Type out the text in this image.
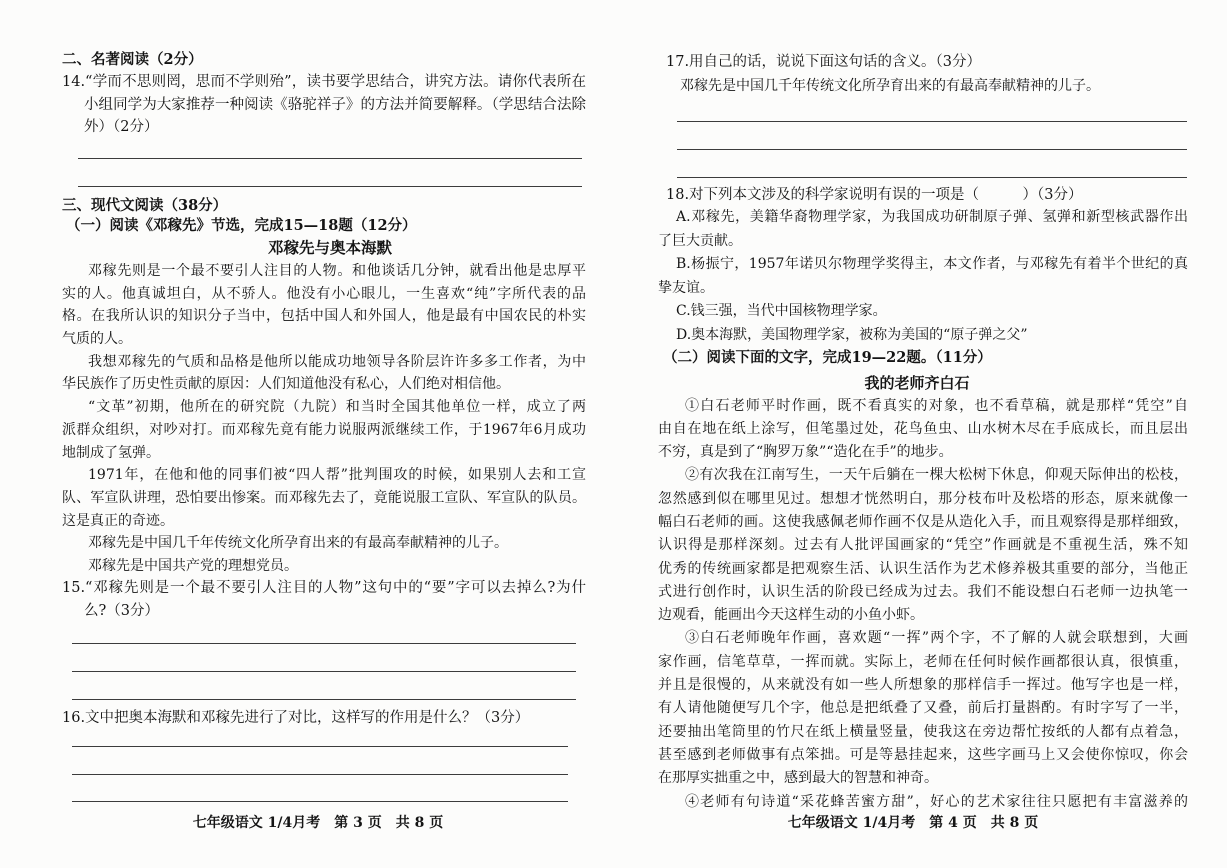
二、名著阅读（2分）
14.“学而不思则罔，思而不学则殆”，读书要学思结合，讲究方法。请你代表所在
小组同学为大家推荐一种阅读《骆驼祥子》的方法并简要解释。（学思结合法除
外）（2分）
三、现代文阅读（38分）
（一）阅读《邓稼先》节选，完成15—18题（12分）
邓稼先与奥本海默
邓稼先则是一个最不要引人注目的人物。和他谈话几分钟，就看出他是忠厚平
实的人。他真诚坦白，从不骄人。他没有小心眼儿，一生喜欢“纯”字所代表的品
格。在我所认识的知识分子当中，包括中国人和外国人，他是最有中国农民的朴实
气质的人。
我想邓稼先的气质和品格是他所以能成功地领导各阶层许许多多工作者，为中
华民族作了历史性贡献的原因：人们知道他没有私心，人们绝对相信他。
“文革”初期，他所在的研究院（九院）和当时全国其他单位一样，成立了两
派群众组织，对吵对打。而邓稼先竟有能力说服两派继续工作，于1967年6月成功
地制成了氢弹。
1971年，在他和他的同事们被“四人帮”批判围攻的时候，如果别人去和工宣
队、军宣队讲理，恐怕要出惨案。而邓稼先去了，竟能说服工宣队、军宣队的队员。
这是真正的奇迹。
邓稼先是中国几千年传统文化所孕育出来的有最高奉献精神的儿子。
邓稼先是中国共产党的理想党员。
15.“邓稼先则是一个最不要引人注目的人物”这句中的“要”字可以去掉么?为什
么?（3分）
16.文中把奥本海默和邓稼先进行了对比，这样写的作用是什么？（3分）
七年级语文 1/4月考　第 3 页　共 8 页
17.用自己的话，说说下面这句话的含义。（3分）
邓稼先是中国几千年传统文化所孕育出来的有最高奉献精神的儿子。
18.对下列本文涉及的科学家说明有误的一项是（　　　）（3分）
A.邓稼先，美籍华裔物理学家，为我国成功研制原子弹、氢弹和新型核武器作出
了巨大贡献。
B.杨振宁，1957年诺贝尔物理学奖得主，本文作者，与邓稼先有着半个世纪的真
挚友谊。
C.钱三强，当代中国核物理学家。
D.奥本海默，美国物理学家，被称为美国的“原子弹之父”
（二）阅读下面的文字，完成19—22题。（11分）
我的老师齐白石
①白石老师平时作画，既不看真实的对象，也不看草稿，就是那样“凭空”自
由自在地在纸上涂写，但笔墨过处，花鸟鱼虫、山水树木尽在手底成长，而且层出
不穷，真是到了“胸罗万象”“造化在手”的地步。
②有次我在江南写生，一天午后躺在一棵大松树下休息，仰观天际伸出的松枝，
忽然感到似在哪里见过。想想才恍然明白，那分枝布叶及松塔的形态，原来就像一
幅白石老师的画。这使我感佩老师作画不仅是从造化入手，而且观察得是那样细致，
认识得是那样深刻。过去有人批评国画家的“凭空”作画就是不重视生活，殊不知
优秀的传统画家都是把观察生活、认识生活作为艺术修养极其重要的部分，当他正
式进行创作时，认识生活的阶段已经成为过去。我们不能设想白石老师一边执笔一
边观看，能画出今天这样生动的小鱼小虾。
③白石老师晚年作画，喜欢题“一挥”两个字，不了解的人就会联想到，大画
家作画，信笔草草，一挥而就。实际上，老师在任何时候作画都很认真，很慎重，
并且是很慢的，从来就没有如一些人所想象的那样信手一挥过。他写字也是一样，
有人请他随便写几个字，他总是把纸叠了又叠，前后打量斟酌。有时字写了一半，
还要抽出笔筒里的竹尺在纸上横量竖量，使我这在旁边帮忙按纸的人都有点着急，
甚至感到老师做事有点笨拙。可是等悬挂起来，这些字画马上又会使你惊叹，你会
在那厚实拙重之中，感到最大的智慧和神奇。
④老师有句诗道“采花蜂苦蜜方甜”，好心的艺术家往往只愿把有丰富滋养的
七年级语文 1/4月考　第 4 页　共 8 页
